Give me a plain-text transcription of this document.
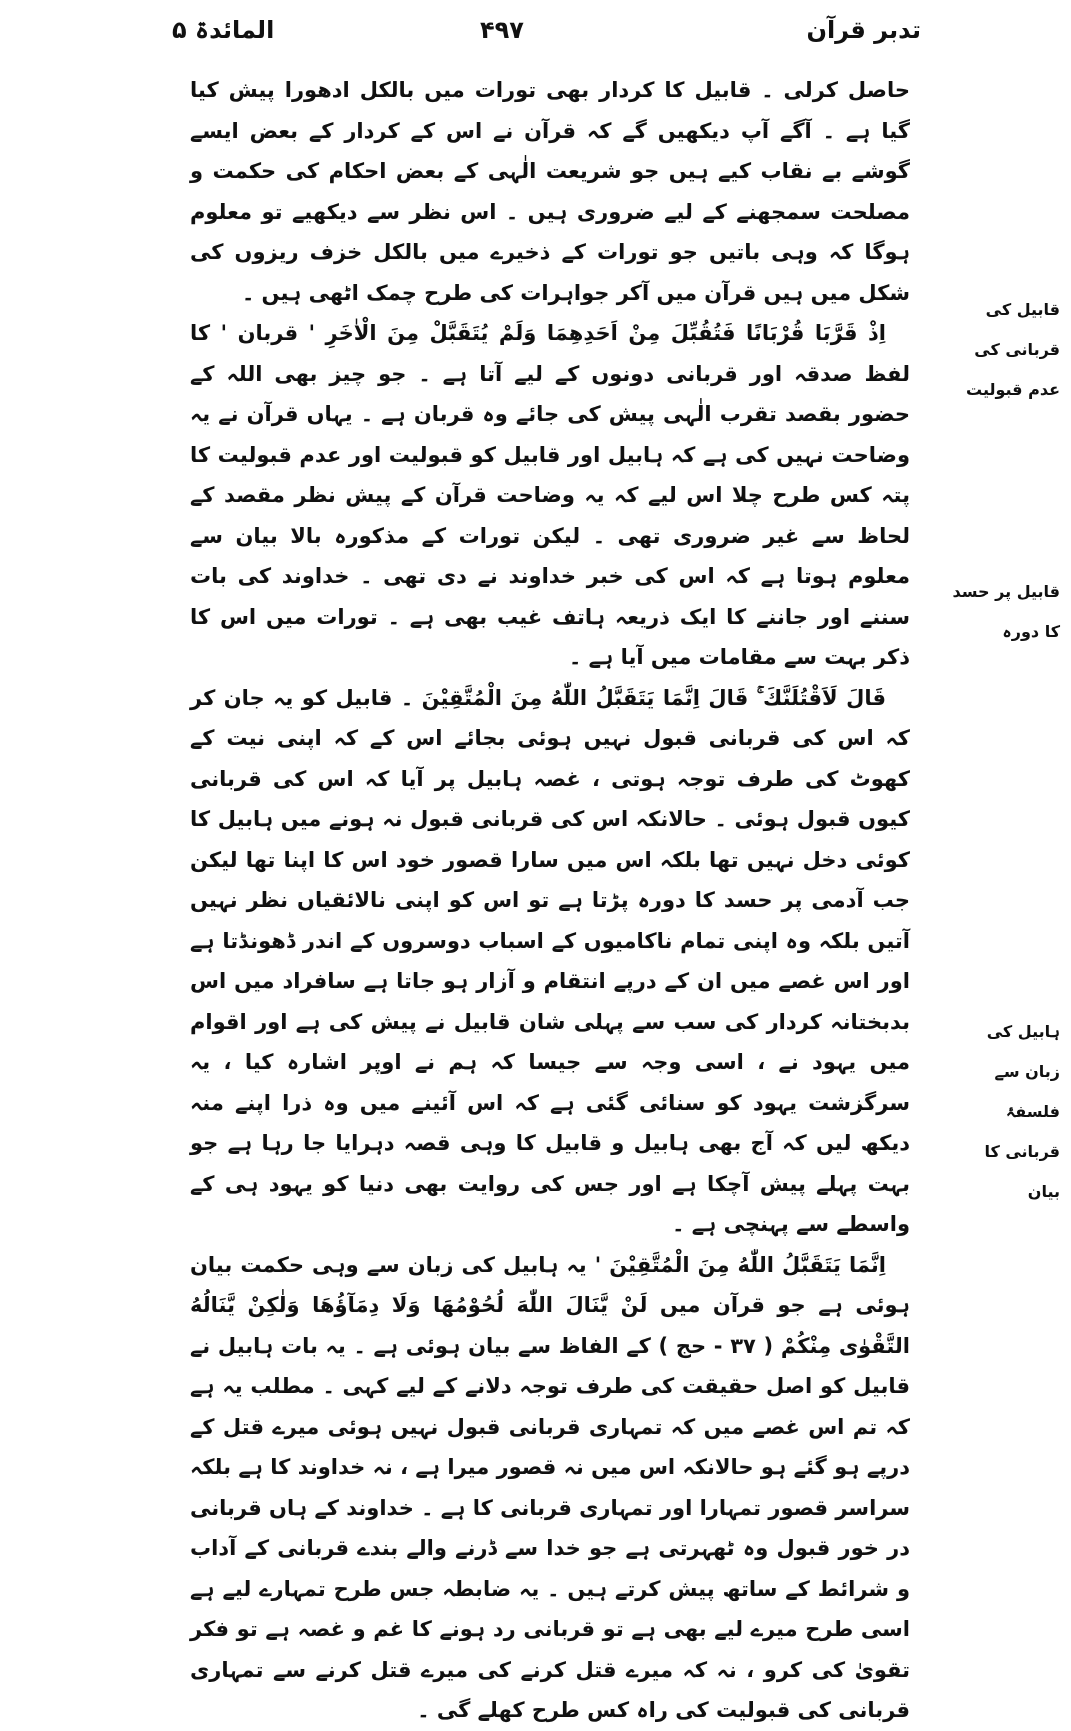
تدبر قرآن
۴۹۷
المائدۃ ۵

حاصل کرلی ۔ قابیل کا کردار بھی تورات میں بالکل ادھورا پیش کیا گیا ہے ۔ آگے آپ دیکھیں گے کہ قرآن نے اس کے کردار کے بعض ایسے گوشے بے نقاب کیے ہیں جو شریعت الٰہی کے بعض احکام کی حکمت و مصلحت سمجھنے کے لیے ضروری ہیں ۔ اس نظر سے دیکھیے تو معلوم ہوگا کہ وہی باتیں جو تورات کے ذخیرے میں بالکل خزف ریزوں کی شکل میں ہیں قرآن میں آکر جواہرات کی طرح چمک اٹھی ہیں ۔

اِذْ قَرَّبَا قُرْبَانًا فَتُقُبِّلَ مِنْ اَحَدِهِمَا وَلَمْ يُتَقَبَّلْ مِنَ الْاٰخَرِ ' قربان ' کا لفظ صدقہ اور قربانی دونوں کے لیے آتا ہے ۔ جو چیز بھی اللہ کے حضور بقصد تقرب الٰہی پیش کی جائے وہ قربان ہے ۔ یہاں قرآن نے یہ وضاحت نہیں کی ہے کہ ہابیل اور قابیل کو قبولیت اور عدم قبولیت کا پتہ کس طرح چلا اس لیے کہ یہ وضاحت قرآن کے پیش نظر مقصد کے لحاظ سے غیر ضروری تھی ۔ لیکن تورات کے مذکورہ بالا بیان سے معلوم ہوتا ہے کہ اس کی خبر خداوند نے دی تھی ۔ خداوند کی بات سننے اور جاننے کا ایک ذریعہ ہاتف غیب بھی ہے ۔ تورات میں اس کا ذکر بہت سے مقامات میں آیا ہے ۔

قَالَ لَاَقْتُلَنَّكَ ۚ قَالَ اِنَّمَا يَتَقَبَّلُ اللّٰهُ مِنَ الْمُتَّقِيْنَ ۔ قابیل کو یہ جان کر کہ اس کی قربانی قبول نہیں ہوئی بجائے اس کے کہ اپنی نیت کے کھوٹ کی طرف توجہ ہوتی ، غصہ ہابیل پر آیا کہ اس کی قربانی کیوں قبول ہوئی ۔ حالانکہ اس کی قربانی قبول نہ ہونے میں ہابیل کا کوئی دخل نہیں تھا بلکہ اس میں سارا قصور خود اس کا اپنا تھا لیکن جب آدمی پر حسد کا دورہ پڑتا ہے تو اس کو اپنی نالائقیاں نظر نہیں آتیں بلکہ وہ اپنی تمام ناکامیوں کے اسباب دوسروں کے اندر ڈھونڈتا ہے اور اس غصے میں ان کے درپے انتقام و آزار ہو جاتا ہے سافراد میں اس بدبختانہ کردار کی سب سے پہلی شان قابیل نے پیش کی ہے اور اقوام میں یہود نے ، اسی وجہ سے جیسا کہ ہم نے اوپر اشارہ کیا ، یہ سرگزشت یہود کو سنائی گئی ہے کہ اس آئینے میں وہ ذرا اپنے منہ دیکھ لیں کہ آج بھی ہابیل و قابیل کا وہی قصہ دہرایا جا رہا ہے جو بہت پہلے پیش آچکا ہے اور جس کی روایت بھی دنیا کو یہود ہی کے واسطے سے پہنچی ہے ۔

اِنَّمَا يَتَقَبَّلُ اللّٰهُ مِنَ الْمُتَّقِيْنَ ' یہ ہابیل کی زبان سے وہی حکمت بیان ہوئی ہے جو قرآن میں لَنْ يَّنَالَ اللّٰهَ لُحُوْمُهَا وَلَا دِمَآؤُهَا وَلٰكِنْ يَّنَالُهُ التَّقْوٰى مِنْكُمْ ( ۳۷ - حج ) کے الفاظ سے بیان ہوئی ہے ۔ یہ بات ہابیل نے قابیل کو اصل حقیقت کی طرف توجہ دلانے کے لیے کہی ۔ مطلب یہ ہے کہ تم اس غصے میں کہ تمہاری قربانی قبول نہیں ہوئی میرے قتل کے درپے ہو گئے ہو حالانکہ اس میں نہ قصور میرا ہے ، نہ خداوند کا ہے بلکہ سراسر قصور تمہارا اور تمہاری قربانی کا ہے ۔ خداوند کے ہاں قربانی در خور قبول وہ ٹھہرتی ہے جو خدا سے ڈرنے والے بندے قربانی کے آداب و شرائط کے ساتھ پیش کرتے ہیں ۔ یہ ضابطہ جس طرح تمہارے لیے ہے اسی طرح میرے لیے بھی ہے تو قربانی رد ہونے کا غم و غصہ ہے تو فکر تقویٰ کی کرو ، نہ کہ میرے قتل کرنے کی میرے قتل کرنے سے تمہاری قربانی کی قبولیت کی راہ کس طرح کھلے گی ۔

قابیل کی قربانی کی عدم قبولیت
قابیل پر حسد کا دورہ
ہابیل کی زبان سے فلسفۂ قربانی کا بیان
